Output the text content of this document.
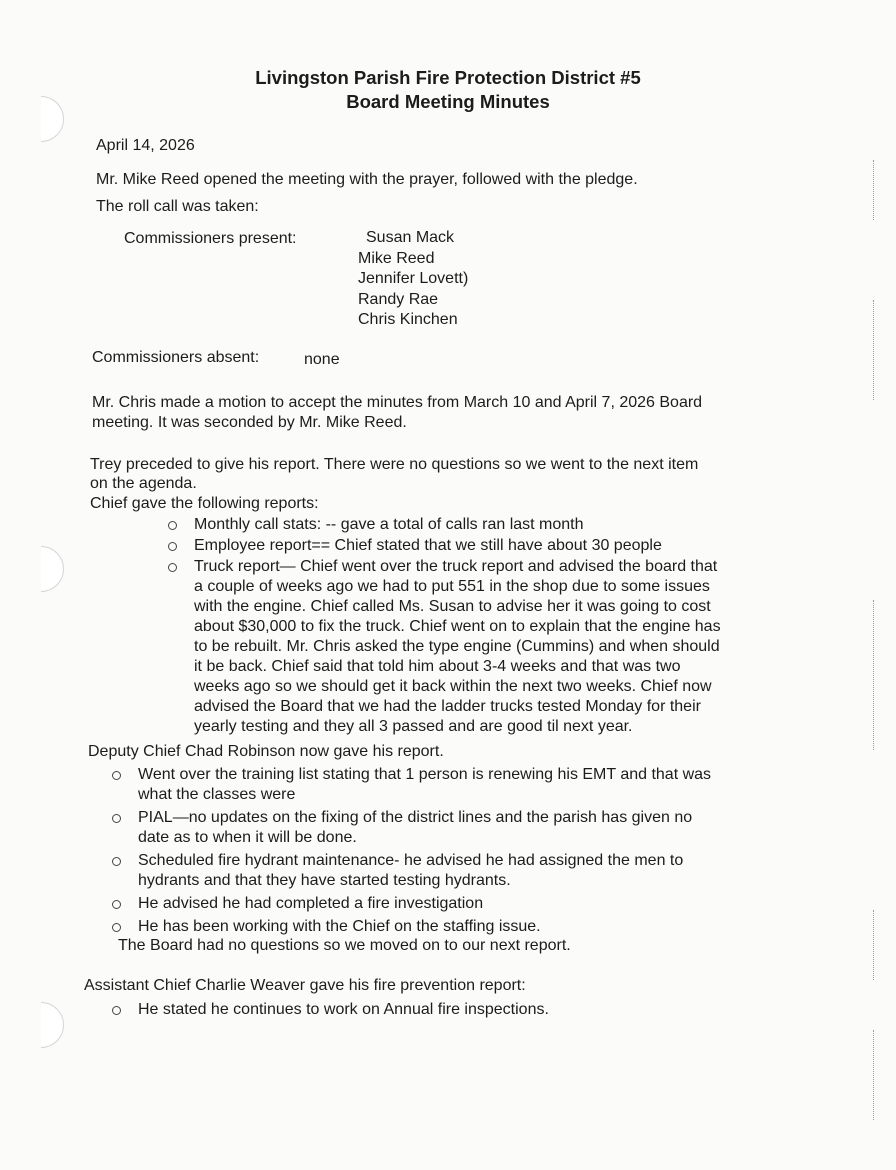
Livingston Parish Fire Protection District #5
Board Meeting Minutes
April 14, 2026
Mr. Mike Reed opened the meeting with the prayer, followed with the pledge.
The roll call was taken:
Commissioners present:	Susan Mack
Mike Reed
Jennifer Lovett)
Randy Rae
Chris Kinchen
Commissioners absent:	none
Mr. Chris made a motion to accept the minutes from March 10 and April 7, 2026 Board
meeting. It was seconded by Mr. Mike Reed.
Trey preceded to give his report. There were no questions so we went to the next item
on the agenda.
Chief gave the following reports:
Monthly call stats: -- gave a total of calls ran last month
Employee report== Chief stated that we still have about 30 people
Truck report— Chief went over the truck report and advised the board that
a couple of weeks ago we had to put 551 in the shop due to some issues
with the engine. Chief called Ms. Susan to advise her it was going to cost
about $30,000 to fix the truck. Chief went on to explain that the engine has
to be rebuilt. Mr. Chris asked the type engine (Cummins) and when should
it be back. Chief said that told him about 3-4 weeks and that was two
weeks ago so we should get it back within the next two weeks. Chief now
advised the Board that we had the ladder trucks tested Monday for their
yearly testing and they all 3 passed and are good til next year.
Deputy Chief Chad Robinson now gave his report.
Went over the training list stating that 1 person is renewing his EMT and that was
what the classes were
PIAL—no updates on the fixing of the district lines and the parish has given no
date as to when it will be done.
Scheduled fire hydrant maintenance- he advised he had assigned the men to
hydrants and that they have started testing hydrants.
He advised he had completed a fire investigation
He has been working with the Chief on the staffing issue.
The Board had no questions so we moved on to our next report.
Assistant Chief Charlie Weaver gave his fire prevention report:
He stated he continues to work on Annual fire inspections.
